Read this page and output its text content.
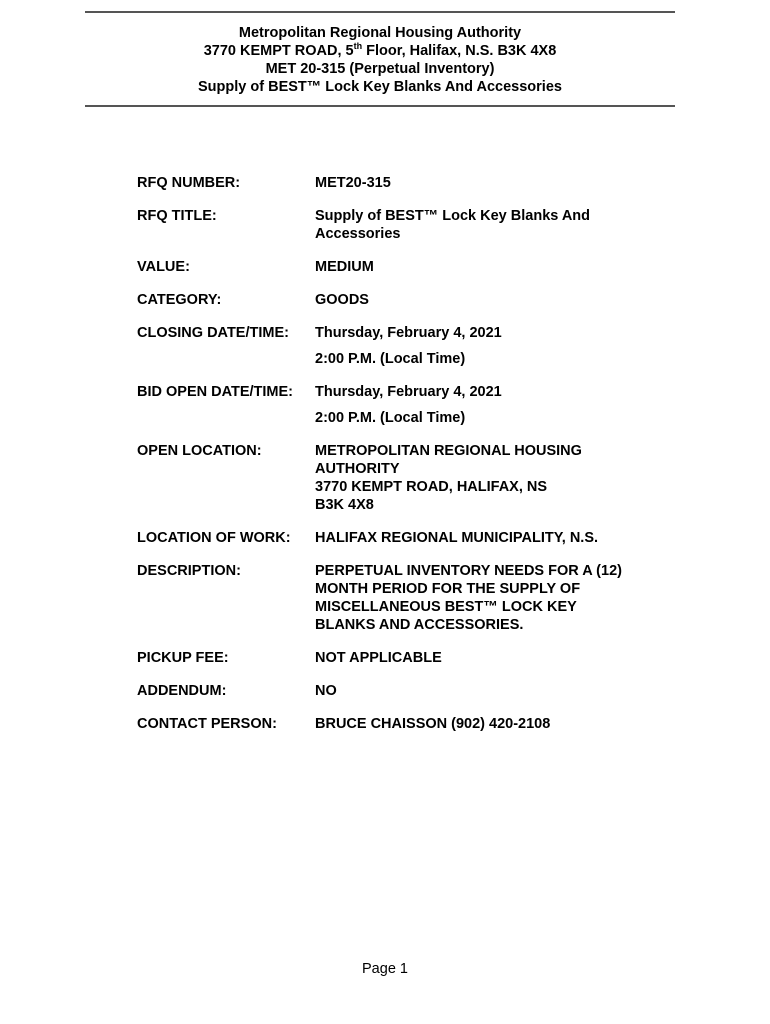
Metropolitan Regional Housing Authority
3770 KEMPT ROAD, 5th Floor, Halifax, N.S. B3K 4X8
MET 20-315 (Perpetual Inventory)
Supply of BEST™ Lock Key Blanks And Accessories
RFQ NUMBER:	MET20-315
RFQ TITLE:	Supply of BEST™ Lock Key Blanks And Accessories
VALUE:	MEDIUM
CATEGORY:	GOODS
CLOSING DATE/TIME:	Thursday, February 4, 2021
2:00 P.M. (Local Time)
BID OPEN DATE/TIME:	Thursday, February 4, 2021
2:00 P.M. (Local Time)
OPEN LOCATION:	METROPOLITAN REGIONAL HOUSING AUTHORITY
3770 KEMPT ROAD, HALIFAX, NS
B3K 4X8
LOCATION OF WORK:	HALIFAX REGIONAL MUNICIPALITY, N.S.
DESCRIPTION:	PERPETUAL INVENTORY NEEDS FOR A (12) MONTH PERIOD FOR THE SUPPLY OF MISCELLANEOUS BEST™ LOCK KEY BLANKS AND ACCESSORIES.
PICKUP FEE:	NOT APPLICABLE
ADDENDUM:	NO
CONTACT PERSON:	BRUCE CHAISSON (902) 420-2108
Page 1
